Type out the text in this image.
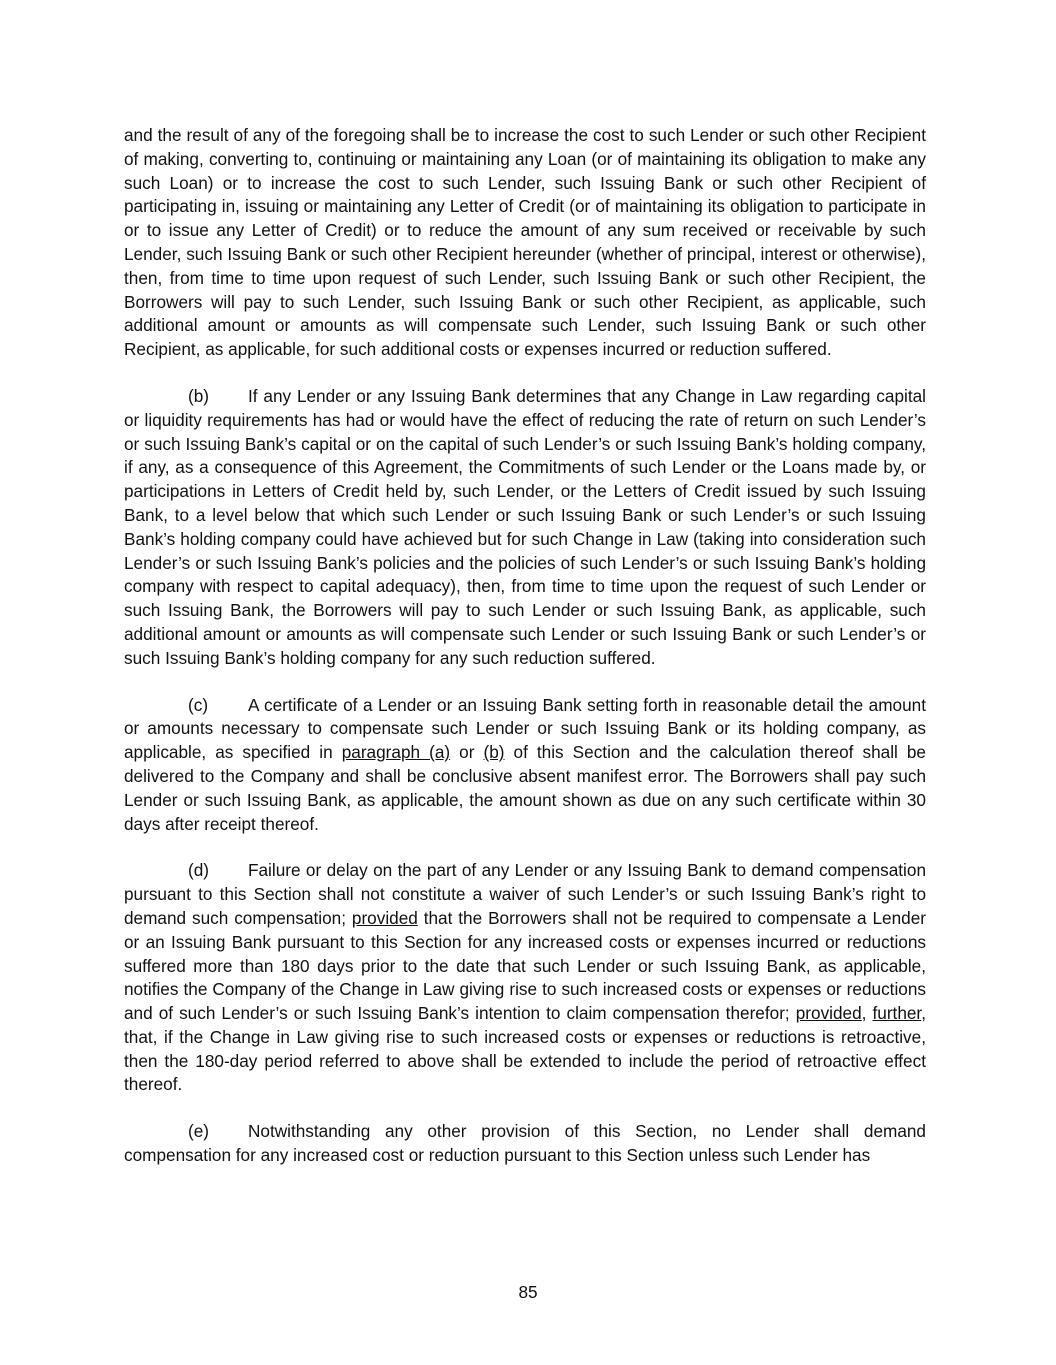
and the result of any of the foregoing shall be to increase the cost to such Lender or such other Recipient of making, converting to, continuing or maintaining any Loan (or of maintaining its obligation to make any such Loan) or to increase the cost to such Lender, such Issuing Bank or such other Recipient of participating in, issuing or maintaining any Letter of Credit (or of maintaining its obligation to participate in or to issue any Letter of Credit) or to reduce the amount of any sum received or receivable by such Lender, such Issuing Bank or such other Recipient hereunder (whether of principal, interest or otherwise), then, from time to time upon request of such Lender, such Issuing Bank or such other Recipient, the Borrowers will pay to such Lender, such Issuing Bank or such other Recipient, as applicable, such additional amount or amounts as will compensate such Lender, such Issuing Bank or such other Recipient, as applicable, for such additional costs or expenses incurred or reduction suffered.

(b) If any Lender or any Issuing Bank determines that any Change in Law regarding capital or liquidity requirements has had or would have the effect of reducing the rate of return on such Lender’s or such Issuing Bank’s capital or on the capital of such Lender’s or such Issuing Bank’s holding company, if any, as a consequence of this Agreement, the Commitments of such Lender or the Loans made by, or participations in Letters of Credit held by, such Lender, or the Letters of Credit issued by such Issuing Bank, to a level below that which such Lender or such Issuing Bank or such Lender’s or such Issuing Bank’s holding company could have achieved but for such Change in Law (taking into consideration such Lender’s or such Issuing Bank’s policies and the policies of such Lender’s or such Issuing Bank’s holding company with respect to capital adequacy), then, from time to time upon the request of such Lender or such Issuing Bank, the Borrowers will pay to such Lender or such Issuing Bank, as applicable, such additional amount or amounts as will compensate such Lender or such Issuing Bank or such Lender’s or such Issuing Bank’s holding company for any such reduction suffered.

(c) A certificate of a Lender or an Issuing Bank setting forth in reasonable detail the amount or amounts necessary to compensate such Lender or such Issuing Bank or its holding company, as applicable, as specified in paragraph (a) or (b) of this Section and the calculation thereof shall be delivered to the Company and shall be conclusive absent manifest error. The Borrowers shall pay such Lender or such Issuing Bank, as applicable, the amount shown as due on any such certificate within 30 days after receipt thereof.

(d) Failure or delay on the part of any Lender or any Issuing Bank to demand compensation pursuant to this Section shall not constitute a waiver of such Lender’s or such Issuing Bank’s right to demand such compensation; provided that the Borrowers shall not be required to compensate a Lender or an Issuing Bank pursuant to this Section for any increased costs or expenses incurred or reductions suffered more than 180 days prior to the date that such Lender or such Issuing Bank, as applicable, notifies the Company of the Change in Law giving rise to such increased costs or expenses or reductions and of such Lender’s or such Issuing Bank’s intention to claim compensation therefor; provided, further, that, if the Change in Law giving rise to such increased costs or expenses or reductions is retroactive, then the 180-day period referred to above shall be extended to include the period of retroactive effect thereof.

(e) Notwithstanding any other provision of this Section, no Lender shall demand compensation for any increased cost or reduction pursuant to this Section unless such Lender has

85
